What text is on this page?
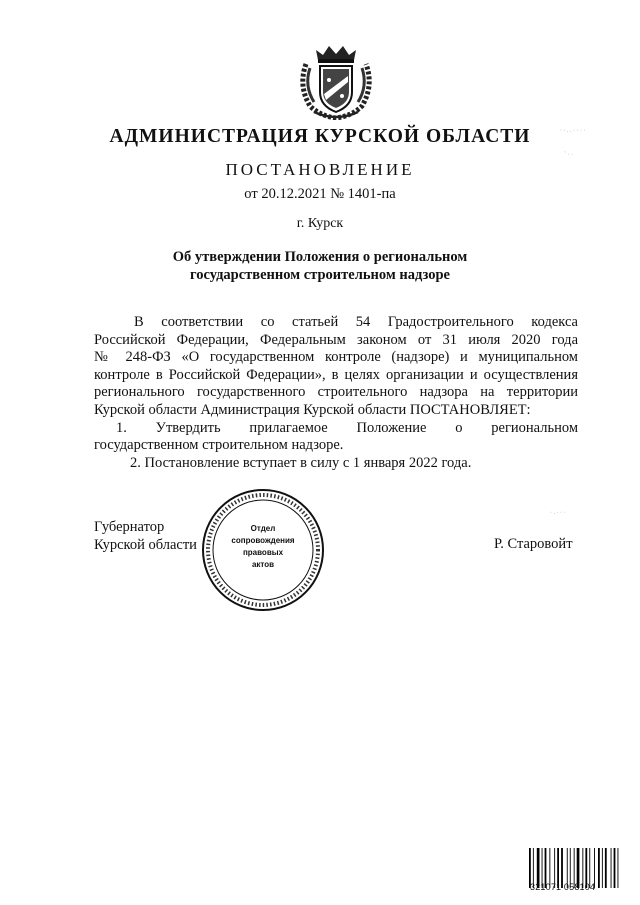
АДМИНИСТРАЦИЯ КУРСКОЙ ОБЛАСТИ
ПОСТАНОВЛЕНИЕ
от 20.12.2021 № 1401-па
г. Курск
Об утверждении Положения о региональном
государственном строительном надзоре
В соответствии со статьей 54 Градостроительного кодекса
Российской Федерации, Федеральным законом от 31 июля 2020 года
№ 248-ФЗ «О государственном контроле (надзоре) и муниципальном
контроле в Российской Федерации», в целях организации и осуществления
регионального государственного строительного надзора на территории
Курской области Администрация Курской области ПОСТАНОВЛЯЕТ:
1. Утвердить прилагаемое Положение о региональном
государственном строительном надзоре.
2. Постановление вступает в силу с 1 января 2022 года.
Губернатор
Курской области	Р. Старовойт
Отдел
сопровождения
правовых
актов
321071 058104
· · . . · · · ·
` · ·
· . · · ·
